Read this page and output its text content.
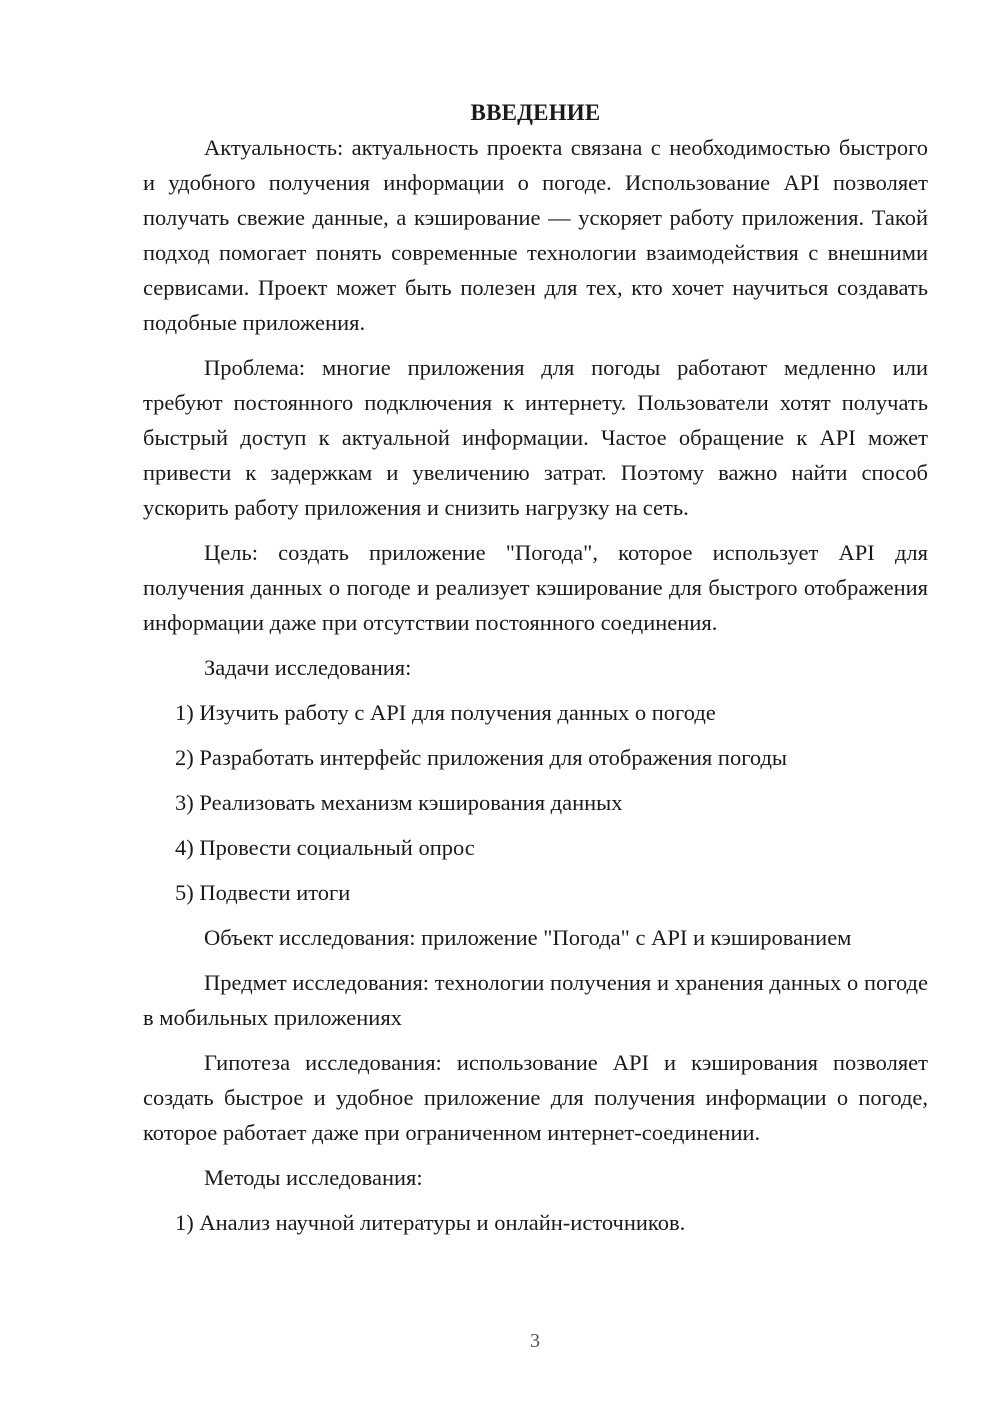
ВВЕДЕНИЕ

Актуальность: актуальность проекта связана с необходимостью быстрого и удобного получения информации о погоде. Использование API позволяет получать свежие данные, а кэширование — ускоряет работу приложения. Такой подход помогает понять современные технологии взаимодействия с внешними сервисами. Проект может быть полезен для тех, кто хочет научиться создавать подобные приложения.

Проблема: многие приложения для погоды работают медленно или требуют постоянного подключения к интернету. Пользователи хотят получать быстрый доступ к актуальной информации. Частое обращение к API может привести к задержкам и увеличению затрат. Поэтому важно найти способ ускорить работу приложения и снизить нагрузку на сеть.

Цель: создать приложение "Погода", которое использует API для получения данных о погоде и реализует кэширование для быстрого отображения информации даже при отсутствии постоянного соединения.

Задачи исследования:

1) Изучить работу с API для получения данных о погоде
2) Разработать интерфейс приложения для отображения погоды
3) Реализовать механизм кэширования данных
4) Провести социальный опрос
5) Подвести итоги

Объект исследования: приложение "Погода" с API и кэшированием

Предмет исследования: технологии получения и хранения данных о погоде в мобильных приложениях

Гипотеза исследования: использование API и кэширования позволяет создать быстрое и удобное приложение для получения информации о погоде, которое работает даже при ограниченном интернет-соединении.

Методы исследования:

1) Анализ научной литературы и онлайн-источников.
3
